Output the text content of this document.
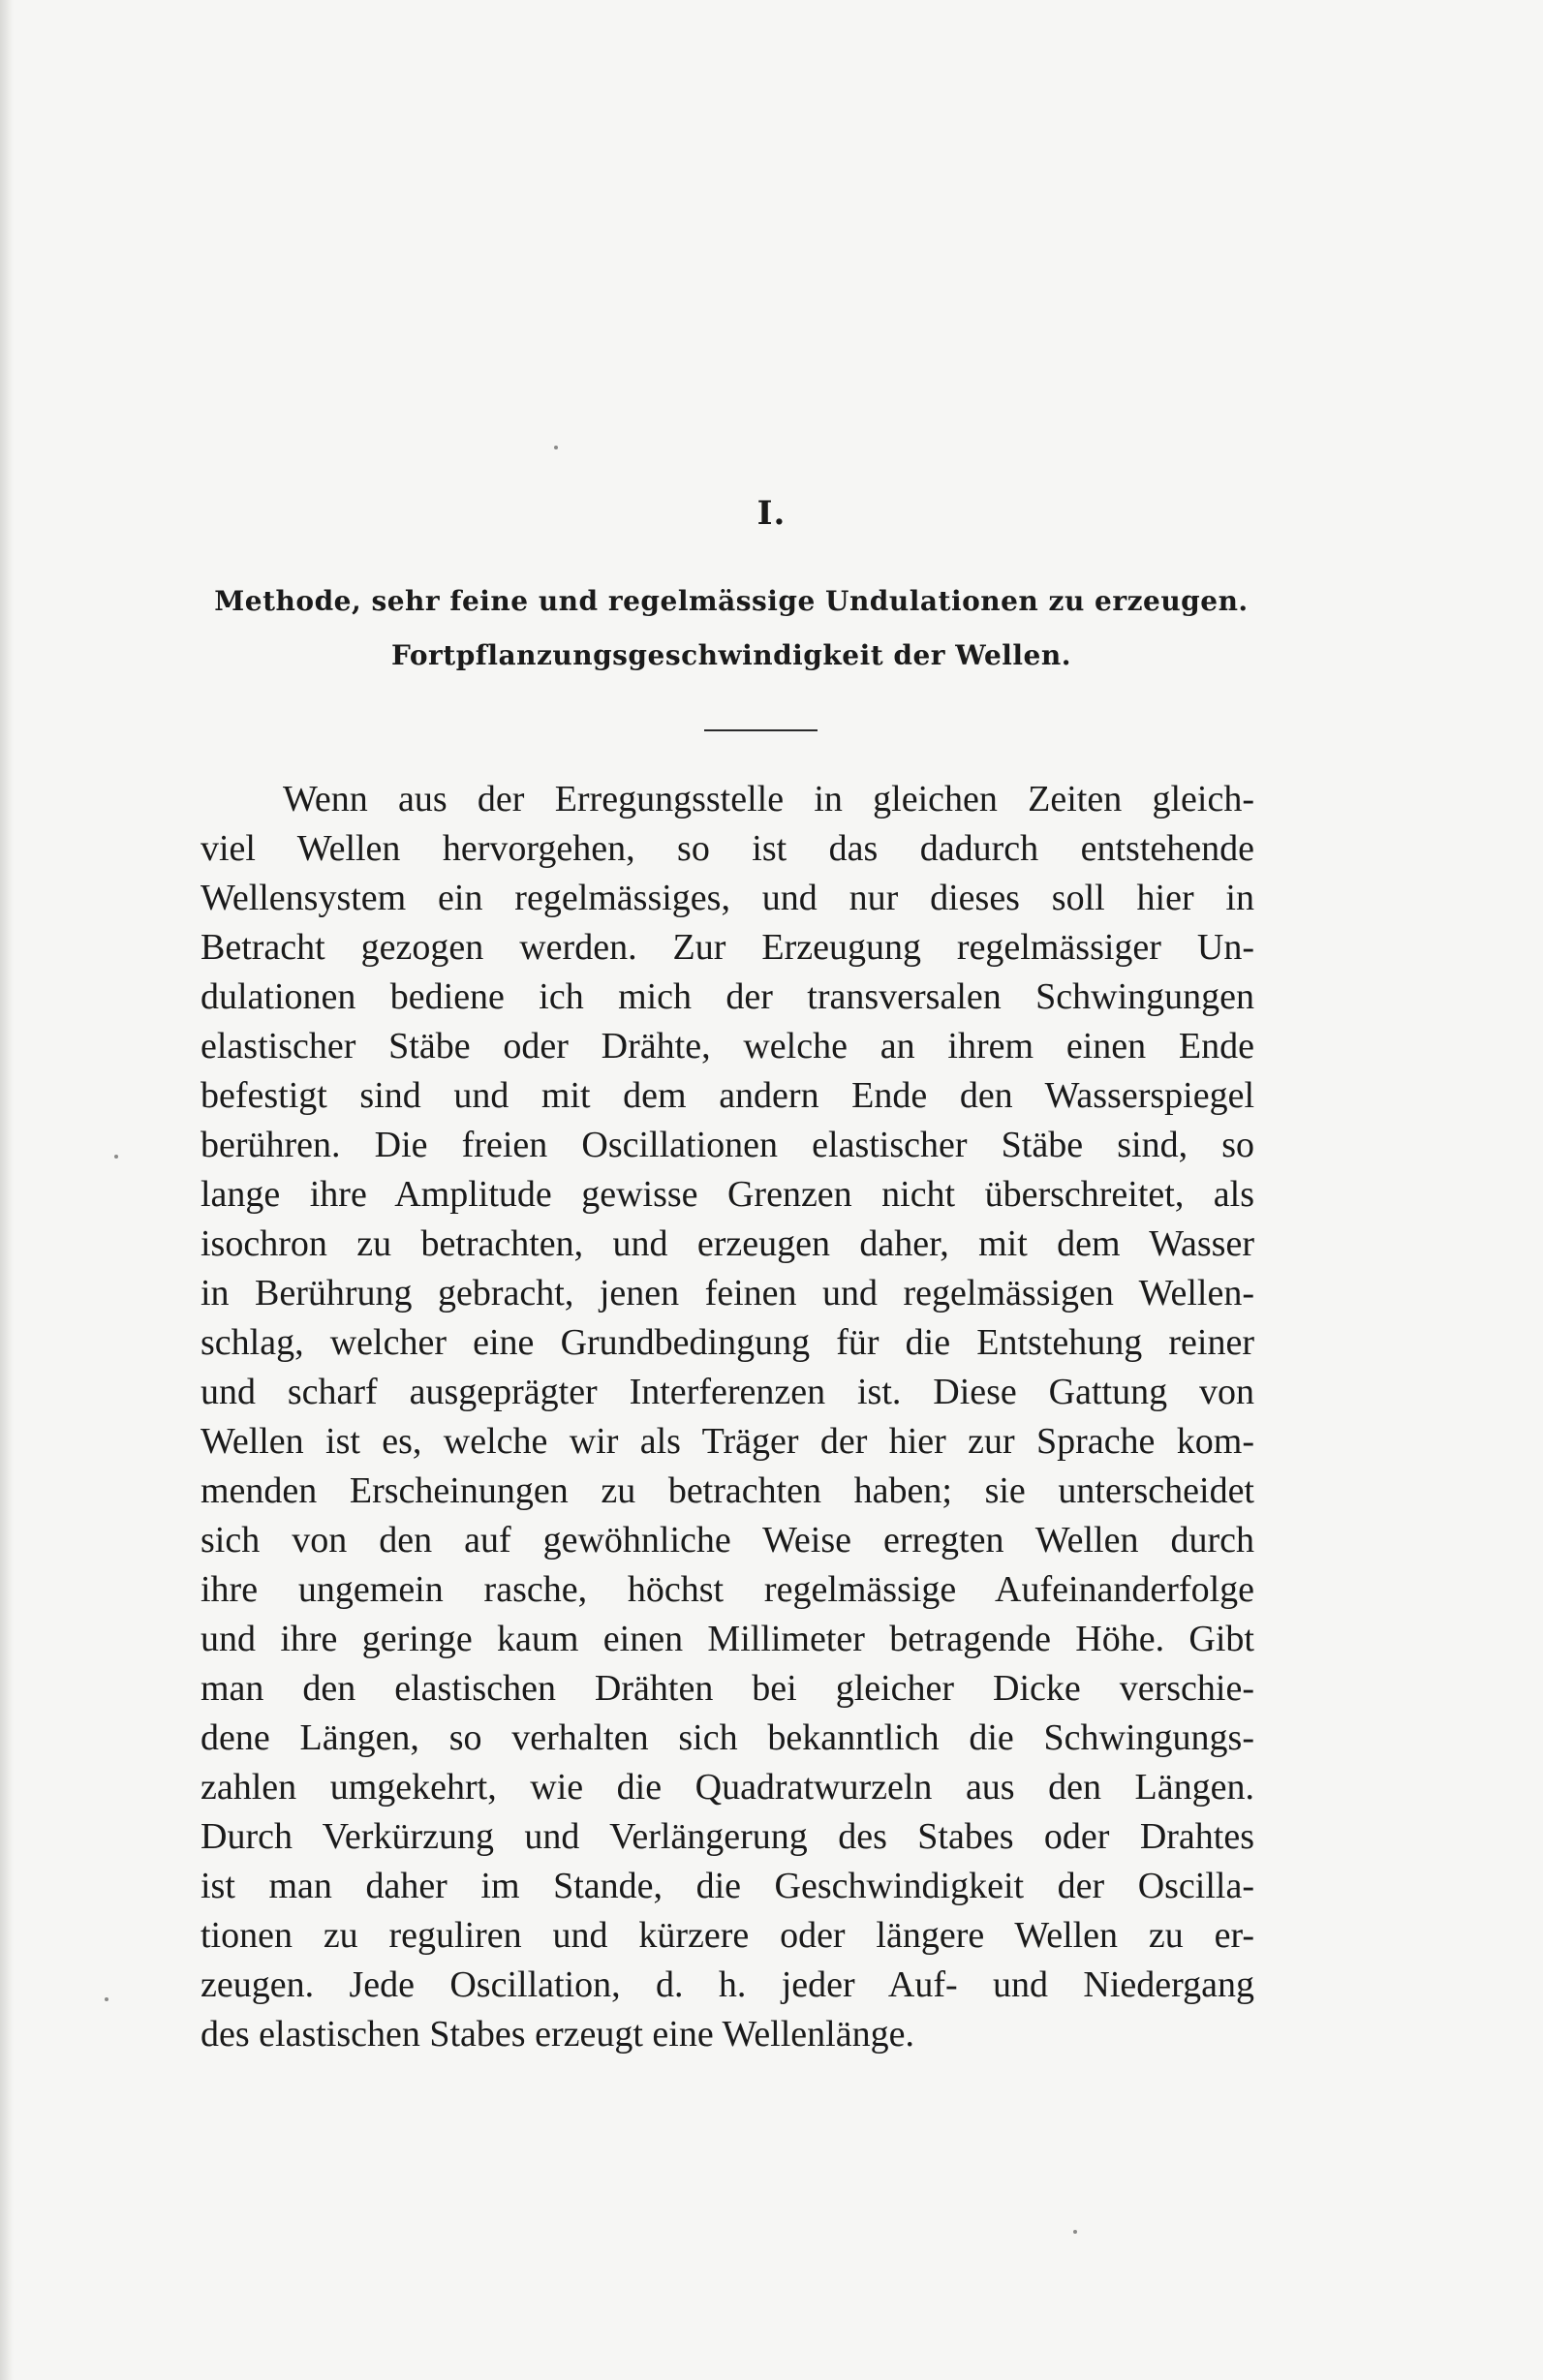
I.
Methode, sehr feine und regelmässige Undulationen zu erzeugen.
Fortpflanzungsgeschwindigkeit der Wellen.
Wenn aus der Erregungsstelle in gleichen Zeiten gleich-
viel Wellen hervorgehen, so ist das dadurch entstehende
Wellensystem ein regelmässiges, und nur dieses soll hier in
Betracht gezogen werden. Zur Erzeugung regelmässiger Un-
dulationen bediene ich mich der transversalen Schwingungen
elastischer Stäbe oder Drähte, welche an ihrem einen Ende
befestigt sind und mit dem andern Ende den Wasserspiegel
berühren. Die freien Oscillationen elastischer Stäbe sind, so
lange ihre Amplitude gewisse Grenzen nicht überschreitet, als
isochron zu betrachten, und erzeugen daher, mit dem Wasser
in Berührung gebracht, jenen feinen und regelmässigen Wellen-
schlag, welcher eine Grundbedingung für die Entstehung reiner
und scharf ausgeprägter Interferenzen ist. Diese Gattung von
Wellen ist es, welche wir als Träger der hier zur Sprache kom-
menden Erscheinungen zu betrachten haben; sie unterscheidet
sich von den auf gewöhnliche Weise erregten Wellen durch
ihre ungemein rasche, höchst regelmässige Aufeinanderfolge
und ihre geringe kaum einen Millimeter betragende Höhe. Gibt
man den elastischen Drähten bei gleicher Dicke verschie-
dene Längen, so verhalten sich bekanntlich die Schwingungs-
zahlen umgekehrt, wie die Quadratwurzeln aus den Längen.
Durch Verkürzung und Verlängerung des Stabes oder Drahtes
ist man daher im Stande, die Geschwindigkeit der Oscilla-
tionen zu reguliren und kürzere oder längere Wellen zu er-
zeugen. Jede Oscillation, d. h. jeder Auf- und Niedergang
des elastischen Stabes erzeugt eine Wellenlänge.
